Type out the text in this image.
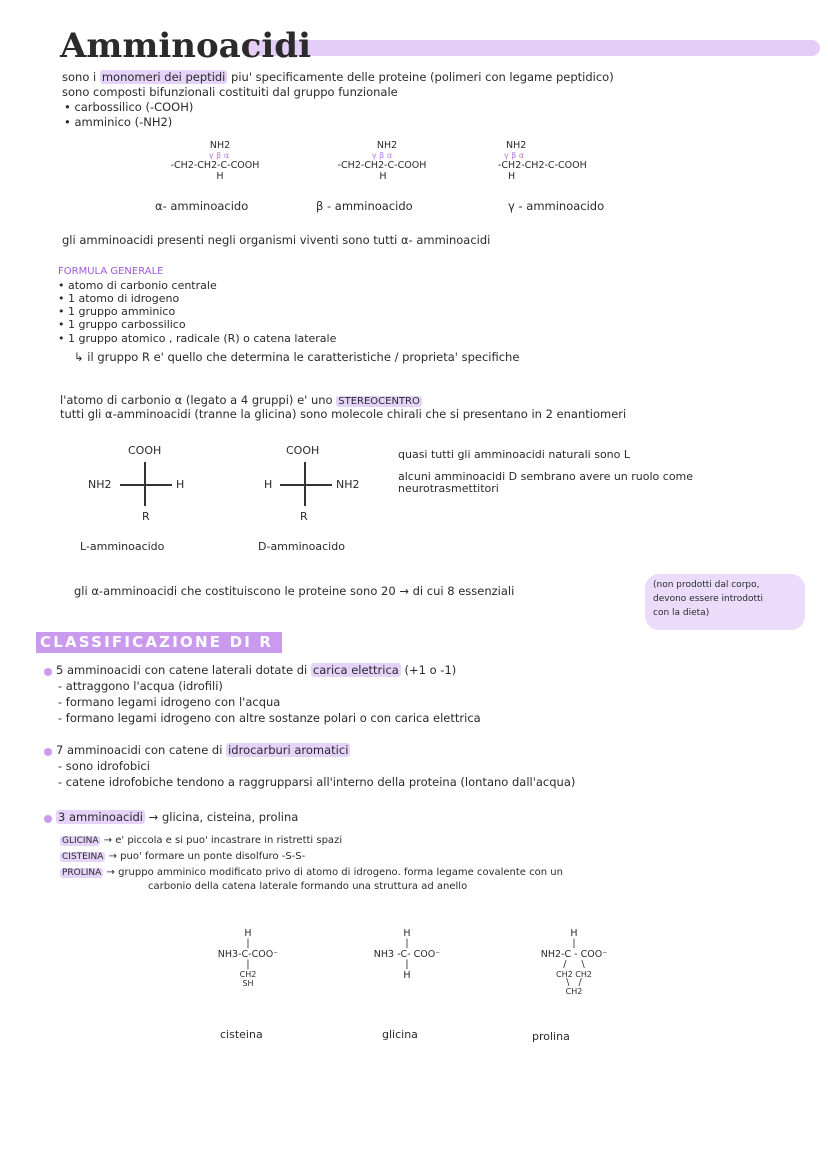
Amminoacidi
sono i monomeri dei peptidi piu' specificamente delle proteine (polimeri con legame peptidico)
sono composti bifunzionali costituiti dal gruppo funzionale
• carbossilico (-COOH)
• amminico (-NH2)
NH2
γ β α
-CH2-CH2-C-COOH
H
α- amminoacido
NH2
γ β α
-CH2-CH2-C-COOH
H
β - amminoacido
NH2
γ β α
-CH2-CH2-C-COOH
H
γ - amminoacido
gli amminoacidi presenti negli organismi viventi sono tutti α- amminoacidi
FORMULA GENERALE
• atomo di carbonio centrale
• 1 atomo di idrogeno
• 1 gruppo amminico
• 1 gruppo carbossilico
• 1 gruppo atomico , radicale (R) o catena laterale
↳ il gruppo R e' quello che determina le caratteristiche / proprieta' specifiche
l'atomo di carbonio α (legato a 4 gruppi) e' uno STEREOCENTRO
tutti gli α-amminoacidi (tranne la glicina) sono molecole chirali che si presentano in 2 enantiomeri
COOH
NH2	H
R
L-amminoacido
COOH
H	NH2
R
D-amminoacido
quasi tutti gli amminoacidi naturali sono L
alcuni amminoacidi D sembrano avere un ruolo come
neurotrasmettitori
gli α-amminoacidi che costituiscono le proteine sono 20 → di cui 8 essenziali	(non prodotti dal corpo,
devono essere introdotti
con la dieta)
CLASSIFICAZIONE DI R
5 amminoacidi con catene laterali dotate di carica elettrica (+1 o -1)
- attraggono l'acqua (idrofili)
- formano legami idrogeno con l'acqua
- formano legami idrogeno con altre sostanze polari o con carica elettrica
7 amminoacidi con catene di idrocarburi aromatici
- sono idrofobici
- catene idrofobiche tendono a raggrupparsi all'interno della proteina (lontano dall'acqua)
3 amminoacidi → glicina, cisteina, prolina
GLICINA → e' piccola e si puo' incastrare in ristretti spazi
CISTEINA → puo' formare un ponte disolfuro -S-S-
PROLINA → gruppo amminico modificato privo di atomo di idrogeno. forma legame covalente con un
carbonio della catena laterale formando una struttura ad anello
H
|
NH3-C-COO⁻
|
CH2
SH
cisteina
H
|
NH3 -C- COO⁻
|
H
glicina
H
|
NH2-C - COO⁻
/     \
CH2 CH2
\   /
CH2
prolina
